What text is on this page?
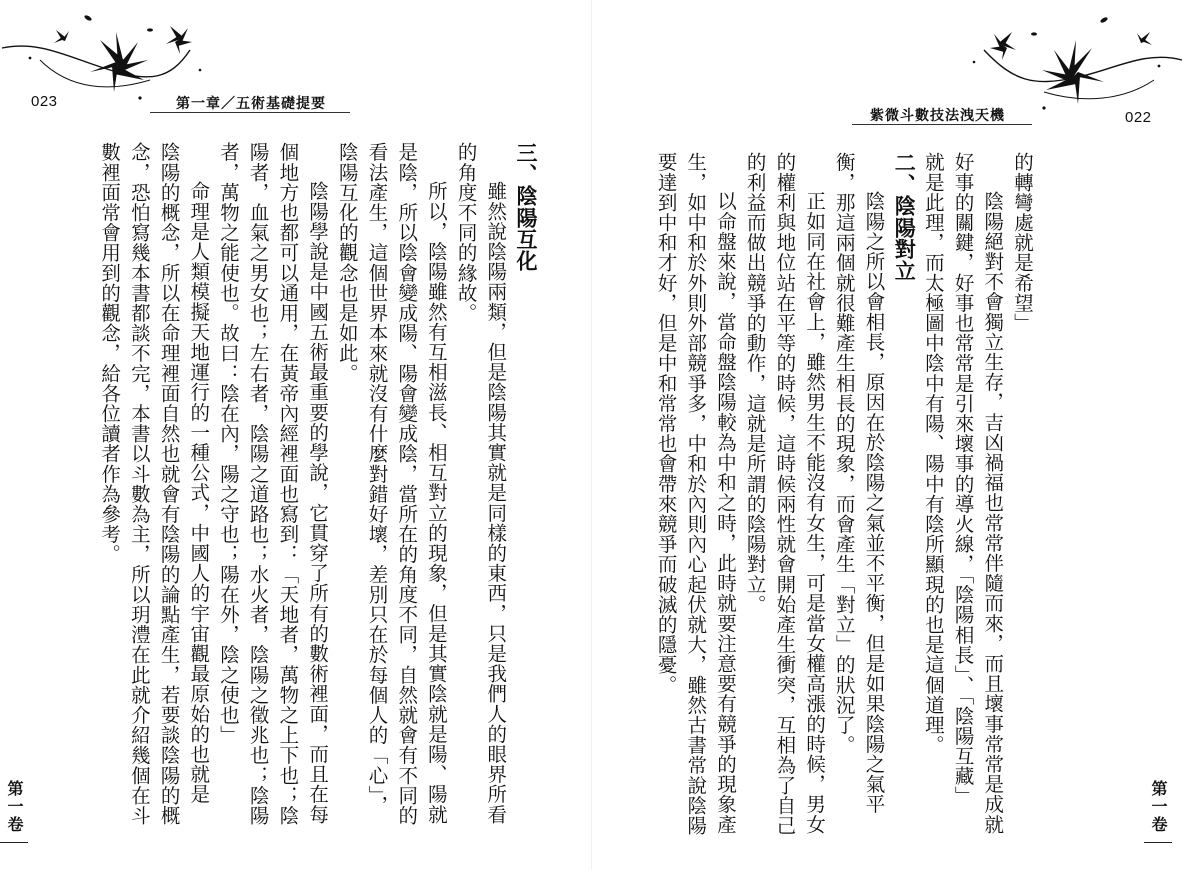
023	第一章／五術基礎提要

三、陰陽互化

雖然說陰陽兩類，但是陰陽其實就是同樣的東西，只是我們人的眼界所看

的角度不同的緣故。

所以，陰陽雖然有互相滋長、相互對立的現象，但是其實陰就是陽、陽就

是陰，所以陰會變成陽、陽會變成陰，當所在的角度不同，自然就會有不同的

看法產生，這個世界本來就沒有什麼對錯好壞，差別只在於每個人的「心」，

陰陽互化的觀念也是如此。

陰陽學說是中國五術最重要的學說，它貫穿了所有的數術裡面，而且在每

個地方也都可以通用，在黃帝內經裡面也寫到：「天地者，萬物之上下也；陰

陽者，血氣之男女也；左右者，陰陽之道路也；水火者，陰陽之徵兆也；陰陽

者，萬物之能使也。故曰：陰在內，陽之守也；陽在外，陰之使也」

命理是人類模擬天地運行的一種公式，中國人的宇宙觀最原始的也就是

陰陽的概念，所以在命理裡面自然也就會有陰陽的論點產生，若要談陰陽的概

念，恐怕寫幾本書都談不完，本書以斗數為主，所以玥澧在此就介紹幾個在斗

數裡面常會用到的觀念，給各位讀者作為參考。

第一卷
紫微斗數技法洩天機	022

的轉彎處就是希望」

陰陽絕對不會獨立生存，吉凶禍福也常常伴隨而來，而且壞事常常是成就

好事的關鍵，好事也常常是引來壞事的導火線，「陰陽相長」、「陰陽互藏」

就是此理，而太極圖中陰中有陽、陽中有陰所顯現的也是這個道理。

二、陰陽對立

陰陽之所以會相長，原因在於陰陽之氣並不平衡，但是如果陰陽之氣平

衡，那這兩個就很難產生相長的現象，而會產生「對立」的狀況了。

正如同在社會上，雖然男生不能沒有女生，可是當女權高漲的時候，男女

的權利與地位站在平等的時候，這時候兩性就會開始產生衝突，互相為了自己

的利益而做出競爭的動作，這就是所謂的陰陽對立。

以命盤來說，當命盤陰陽較為中和之時，此時就要注意要有競爭的現象產

生，如中和於外則外部競爭多，中和於內則內心起伏就大，雖然古書常說陰陽

要達到中和才好，但是中和常常也會帶來競爭而破滅的隱憂。

第一卷
